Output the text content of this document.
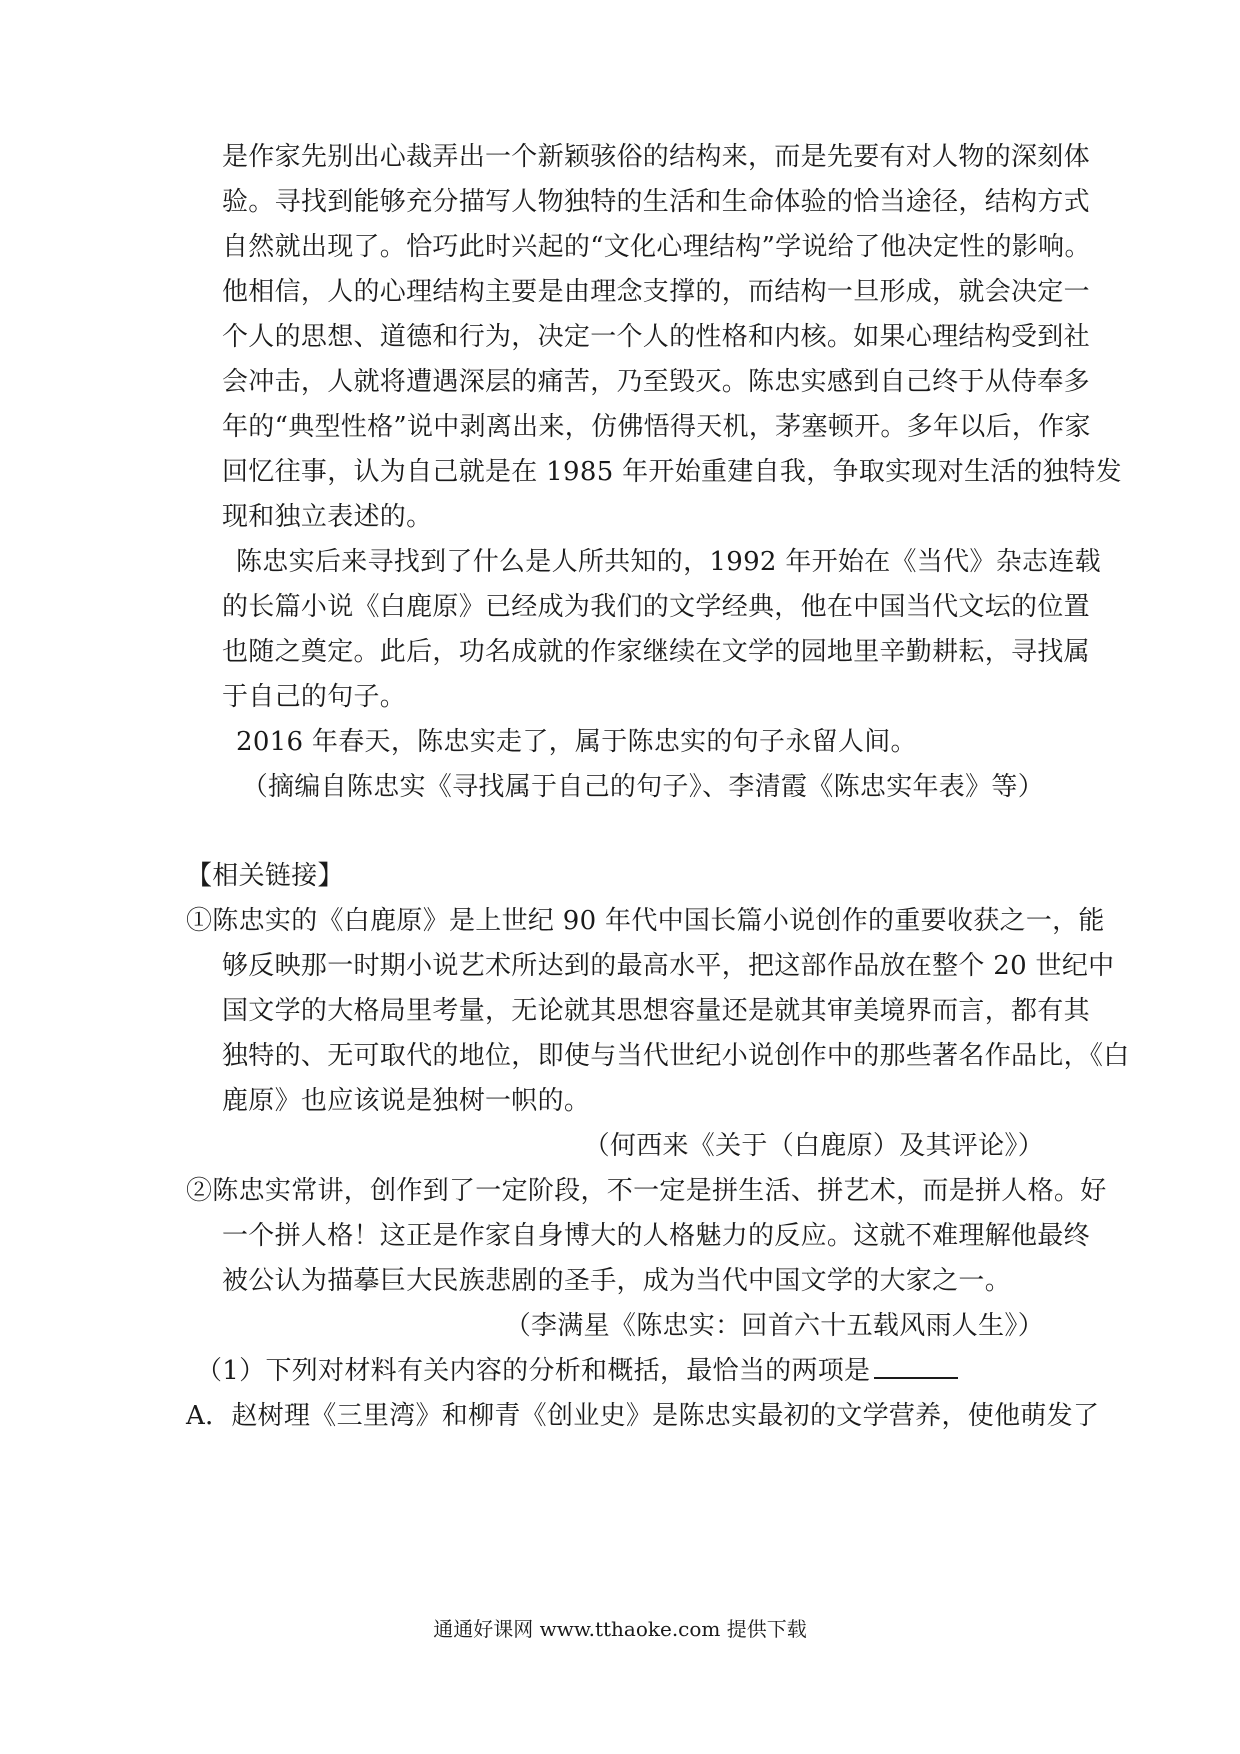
是作家先别出心裁弄出一个新颖骇俗的结构来，而是先要有对人物的深刻体
验。寻找到能够充分描写人物独特的生活和生命体验的恰当途径，结构方式
自然就出现了。恰巧此时兴起的“文化心理结构”学说给了他决定性的影响。
他相信，人的心理结构主要是由理念支撑的，而结构一旦形成，就会决定一
个人的思想、道德和行为，决定一个人的性格和内核。如果心理结构受到社
会冲击，人就将遭遇深层的痛苦，乃至毁灭。陈忠实感到自己终于从侍奉多
年的“典型性格”说中剥离出来，仿佛悟得天机，茅塞顿开。多年以后，作家
回忆往事，认为自己就是在 1985 年开始重建自我，争取实现对生活的独特发
现和独立表述的。
陈忠实后来寻找到了什么是人所共知的，1992 年开始在《当代》杂志连载
的长篇小说《白鹿原》已经成为我们的文学经典，他在中国当代文坛的位置
也随之奠定。此后，功名成就的作家继续在文学的园地里辛勤耕耘，寻找属
于自己的句子。
2016 年春天，陈忠实走了，属于陈忠实的句子永留人间。
（摘编自陈忠实《寻找属于自己的句子》、李清霞《陈忠实年表》等）
【相关链接】
①陈忠实的《白鹿原》是上世纪 90 年代中国长篇小说创作的重要收获之一，能
够反映那一时期小说艺术所达到的最高水平，把这部作品放在整个 20 世纪中
国文学的大格局里考量，无论就其思想容量还是就其审美境界而言，都有其
独特的、无可取代的地位，即使与当代世纪小说创作中的那些著名作品比，《白
鹿原》也应该说是独树一帜的。
（何西来《关于（白鹿原）及其评论》）
②陈忠实常讲，创作到了一定阶段，不一定是拼生活、拼艺术，而是拼人格。好
一个拼人格！这正是作家自身博大的人格魅力的反应。这就不难理解他最终
被公认为描摹巨大民族悲剧的圣手，成为当代中国文学的大家之一。
（李满星《陈忠实：回首六十五载风雨人生》）
（1）下列对材料有关内容的分析和概括，最恰当的两项是
A．赵树理《三里湾》和柳青《创业史》是陈忠实最初的文学营养，使他萌发了
通通好课网 www.tthaoke.com 提供下载
